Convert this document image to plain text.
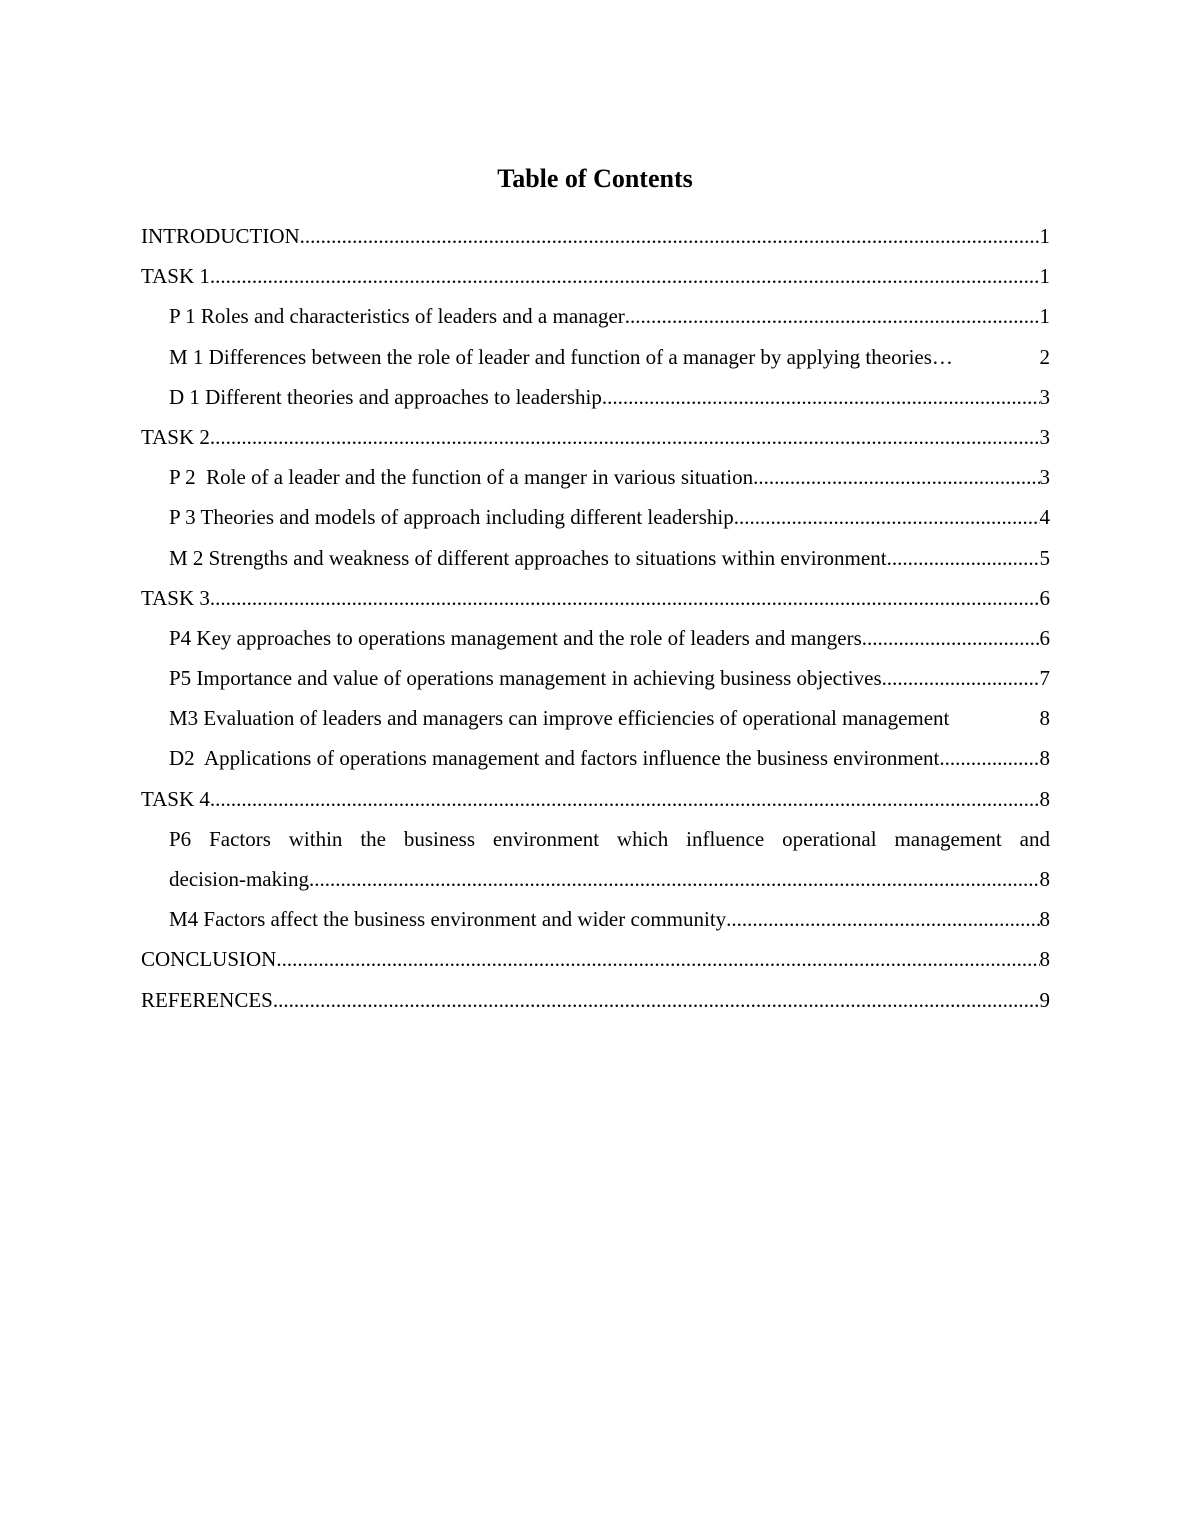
Table of Contents
INTRODUCTION .....	1
TASK 1 .....	1
P 1 Roles and characteristics of leaders and a manager .....	1
M 1 Differences between the role of leader and function of a manager by applying theories …	2
D 1 Different theories and approaches to leadership .....	3
TASK 2 .....	3
P 2  Role of a leader and the function of a manger in various situation .....	3
P 3 Theories and models of approach including different leadership .....	4
M 2 Strengths and weakness of different approaches to situations within environment .....	5
TASK 3 .....	6
P4 Key approaches to operations management and the role of leaders and mangers .....	6
P5 Importance and value of operations management in achieving business objectives .....	7
M3 Evaluation of leaders and managers can improve efficiencies of operational management	8
D2  Applications of operations management and factors influence the business environment .....	8
TASK 4 .....	8
P6 Factors within the business environment which influence operational management and
decision-making .....	8
M4 Factors affect the business environment and wider community .....	8
CONCLUSION .....	8
REFERENCES .....	9
